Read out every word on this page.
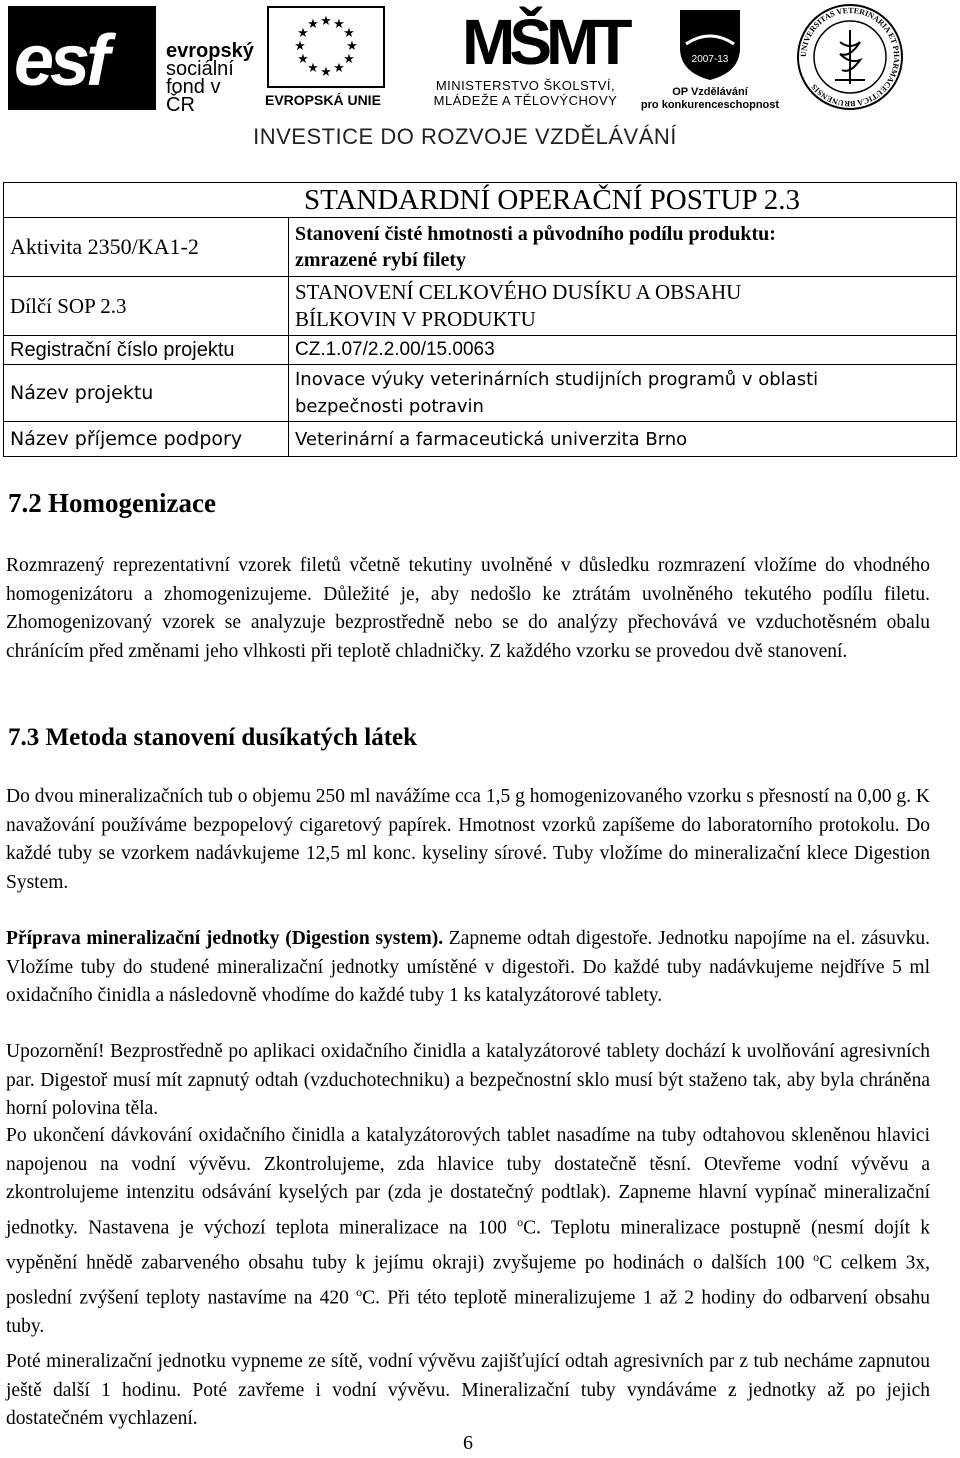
esf	evropský
sociální
fond v ČR
★ ★
★
★
★
★
★
★
★
★
★
★
EVROPSKÁ UNIE
MŠMT
MINISTERSTVO ŠKOLSTVÍ,
MLÁDEŽE A TĚLOVÝCHOVY
2007-13
OP Vzdělávání
pro konkurenceschopnost
UNIVERSITAS VETERINARIA ET PHARMACEUTICA BRUNENSIS
INVESTICE DO ROZVOJE VZDĚLÁVÁNÍ
STANDARDNÍ OPERAČNÍ POSTUP 2.3	
Aktivita 2350/KA1-2	Stanovení čisté hmotnosti a původního podílu produktu:
zmrazené rybí filety

Dílčí SOP 2.3	STANOVENÍ CELKOVÉHO DUSÍKU A OBSAHU
BÍLKOVIN V PRODUKTU

Registrační číslo projektu	CZ.1.07/2.2.00/15.0063
Název projektu	Inovace výuky veterinárních studijních programů v oblasti
bezpečnosti potravin

Název příjemce podpory	Veterinární a farmaceutická univerzita Brno
7.2 Homogenizace
Rozmrazený reprezentativní vzorek filetů včetně tekutiny uvolněné v důsledku rozmrazení vložíme do vhodného homogenizátoru a zhomogenizujeme. Důležité je, aby nedošlo ke ztrátám uvolněného tekutého podílu filetu. Zhomogenizovaný vzorek se analyzuje bezprostředně nebo se do analýzy přechovává ve vzduchotěsném obalu chránícím před změnami jeho vlhkosti při teplotě chladničky. Z každého vzorku se provedou dvě stanovení.
7.3 Metoda stanovení dusíkatých látek
Do dvou mineralizačních tub o objemu 250 ml navážíme cca 1,5 g homogenizovaného vzorku s přesností na 0,00 g. K navažování používáme bezpopelový cigaretový papírek. Hmotnost vzorků zapíšeme do laboratorního protokolu. Do každé tuby se vzorkem nadávkujeme 12,5 ml konc. kyseliny sírové. Tuby vložíme do mineralizační klece Digestion System.
Příprava mineralizační jednotky (Digestion system). Zapneme odtah digestoře. Jednotku napojíme na el. zásuvku. Vložíme tuby do studené mineralizační jednotky umístěné v digestoři. Do každé tuby nadávkujeme nejdříve 5 ml oxidačního činidla a následovně vhodíme do každé tuby 1 ks katalyzátorové tablety.
Upozornění! Bezprostředně po aplikaci oxidačního činidla a katalyzátorové tablety dochází k uvolňování agresivních par. Digestoř musí mít zapnutý odtah (vzduchotechniku) a bezpečnostní sklo musí být staženo tak, aby byla chráněna horní polovina těla.
Po ukončení dávkování oxidačního činidla a katalyzátorových tablet nasadíme na tuby odtahovou skleněnou hlavici napojenou na vodní vývěvu. Zkontrolujeme, zda hlavice tuby dostatečně těsní. Otevřeme vodní vývěvu a zkontrolujeme intenzitu odsávání kyselých par (zda je dostatečný podtlak). Zapneme hlavní vypínač mineralizační jednotky. Nastavena je výchozí teplota mineralizace na 100 $^o$C. Teplotu mineralizace postupně (nesmí dojít k vypěnění hnědě zabarveného obsahu tuby k jejímu okraji) zvyšujeme po hodinách o dalších 100 $^o$C celkem 3x, poslední zvýšení teploty nastavíme na 420 $^o$C. Při této teplotě mineralizujeme 1 až 2 hodiny do odbarvení obsahu tuby.
Poté mineralizační jednotku vypneme ze sítě, vodní vývěvu zajišťující odtah agresivních par z tub necháme zapnutou ještě další 1 hodinu. Poté zavřeme i vodní vývěvu. Mineralizační tuby vyndáváme z jednotky až po jejich dostatečném vychlazení.
6
